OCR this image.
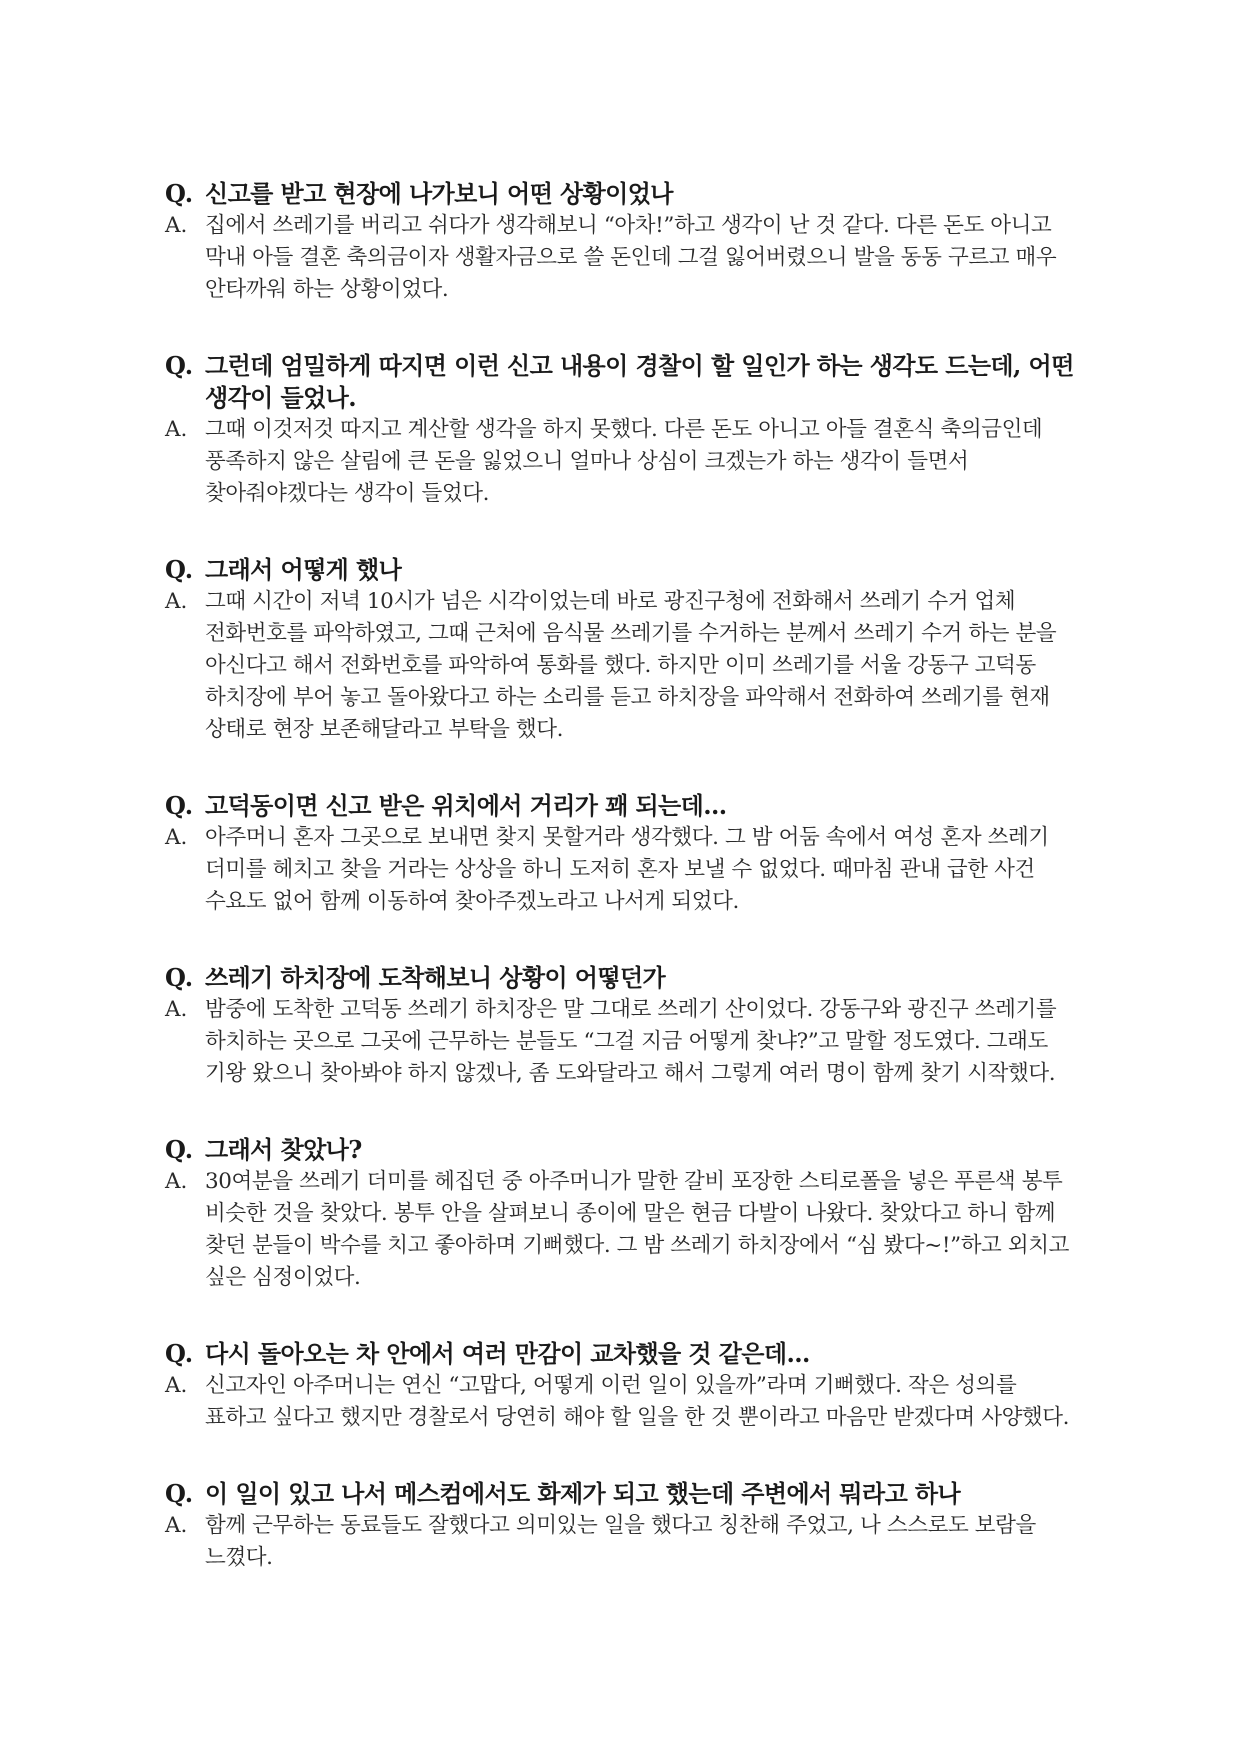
Q. 신고를 받고 현장에 나가보니 어떤 상황이었나
A. 집에서 쓰레기를 버리고 쉬다가 생각해보니 “아차!”하고 생각이 난 것 같다. 다른 돈도 아니고 막내 아들 결혼 축의금이자 생활자금으로 쓸 돈인데 그걸 잃어버렸으니 발을 동동 구르고 매우 안타까워 하는 상황이었다.
Q. 그런데 엄밀하게 따지면 이런 신고 내용이 경찰이 할 일인가 하는 생각도 드는데, 어떤 생각이 들었나.
A. 그때 이것저것 따지고 계산할 생각을 하지 못했다. 다른 돈도 아니고 아들 결혼식 축의금인데 풍족하지 않은 살림에 큰 돈을 잃었으니 얼마나 상심이 크겠는가 하는 생각이 들면서 찾아줘야겠다는 생각이 들었다.
Q. 그래서 어떻게 했나
A. 그때 시간이 저녁 10시가 넘은 시각이었는데 바로 광진구청에 전화해서 쓰레기 수거 업체 전화번호를 파악하였고, 그때 근처에 음식물 쓰레기를 수거하는 분께서 쓰레기 수거 하는 분을 아신다고 해서 전화번호를 파악하여 통화를 했다. 하지만 이미 쓰레기를 서울 강동구 고덕동 하치장에 부어 놓고 돌아왔다고 하는 소리를 듣고 하치장을 파악해서 전화하여 쓰레기를 현재 상태로 현장 보존해달라고 부탁을 했다.
Q. 고덕동이면 신고 받은 위치에서 거리가 꽤 되는데...
A. 아주머니 혼자 그곳으로 보내면 찾지 못할거라 생각했다. 그 밤 어둠 속에서 여성 혼자 쓰레기 더미를 헤치고 찾을 거라는 상상을 하니 도저히 혼자 보낼 수 없었다. 때마침 관내 급한 사건 수요도 없어 함께 이동하여 찾아주겠노라고 나서게 되었다.
Q. 쓰레기 하치장에 도착해보니 상황이 어떻던가
A. 밤중에 도착한 고덕동 쓰레기 하치장은 말 그대로 쓰레기 산이었다. 강동구와 광진구 쓰레기를 하치하는 곳으로 그곳에 근무하는 분들도 “그걸 지금 어떻게 찾냐?”고 말할 정도였다. 그래도 기왕 왔으니 찾아봐야 하지 않겠나, 좀 도와달라고 해서 그렇게 여러 명이 함께 찾기 시작했다.
Q. 그래서 찾았나?
A. 30여분을 쓰레기 더미를 헤집던 중 아주머니가 말한 갈비 포장한 스티로폴을 넣은 푸른색 봉투 비슷한 것을 찾았다. 봉투 안을 살펴보니 종이에 말은 현금 다발이 나왔다. 찾았다고 하니 함께 찾던 분들이 박수를 치고 좋아하며 기뻐했다. 그 밤 쓰레기 하치장에서 “심 봤다~!”하고 외치고 싶은 심정이었다.
Q. 다시 돌아오는 차 안에서 여러 만감이 교차했을 것 같은데...
A. 신고자인 아주머니는 연신 “고맙다, 어떻게 이런 일이 있을까”라며 기뻐했다. 작은 성의를 표하고 싶다고 했지만 경찰로서 당연히 해야 할 일을 한 것 뿐이라고 마음만 받겠다며 사양했다.
Q. 이 일이 있고 나서 메스컴에서도 화제가 되고 했는데 주변에서 뭐라고 하나
A. 함께 근무하는 동료들도 잘했다고 의미있는 일을 했다고 칭찬해 주었고, 나 스스로도 보람을 느꼈다.
